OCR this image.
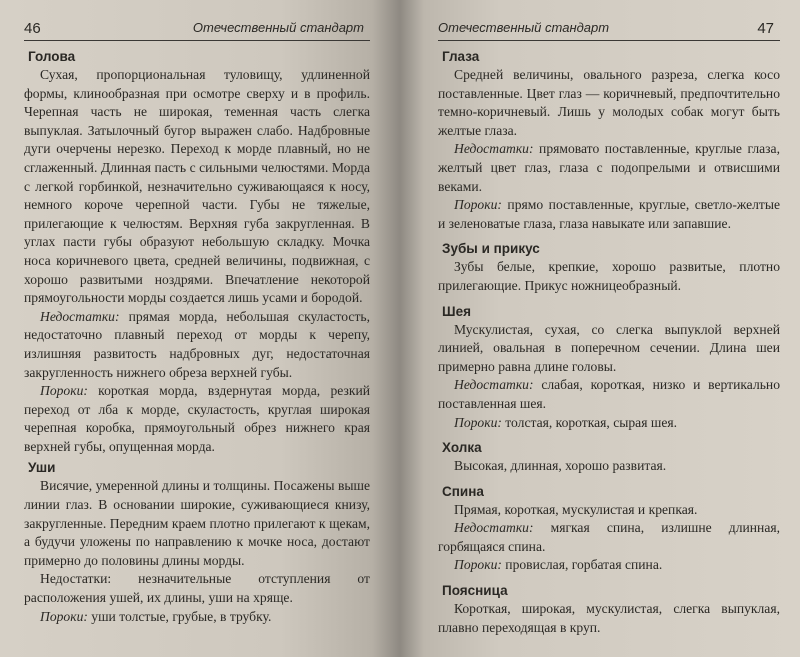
46	Отечественный стандарт
Голова

Сухая, пропорциональная туловищу, удлиненной формы, клинообразная при осмотре сверху и в профиль. Черепная часть не широкая, теменная часть слегка выпуклая. Затылочный бугор выражен слабо. Надбровные дуги очерчены нерезко. Переход к морде плавный, но не сглаженный. Длинная пасть с сильными челюстями. Морда с легкой горбинкой, незначительно суживающаяся к носу, немного короче черепной части. Губы не тяжелые, прилегающие к челюстям. Верхняя губа закругленная. В углах пасти губы образуют небольшую складку. Мочка носа коричневого цвета, средней величины, подвижная, с хорошо развитыми ноздрями. Впечатление некоторой прямоугольности морды создается лишь усами и бородой.

Недостатки: прямая морда, небольшая скуластость, недостаточно плавный переход от морды к черепу, излишняя развитость надбровных дуг, недостаточная закругленность нижнего обреза верхней губы.

Пороки: короткая морда, вздернутая морда, резкий переход от лба к морде, скуластость, круглая широкая черепная коробка, прямоугольный обрез нижнего края верхней губы, опущенная морда.

Уши

Висячие, умеренной длины и толщины. Посажены выше линии глаз. В основании широкие, суживающиеся книзу, закругленные. Передним краем плотно прилегают к щекам, а будучи уложены по направлению к мочке носа, достают примерно до половины длины морды.

Недостатки: незначительные отступления от расположения ушей, их длины, уши на хряще.

Пороки: уши толстые, грубые, в трубку.

Отечественный стандарт	47
Глаза

Средней величины, овального разреза, слегка косо поставленные. Цвет глаз — коричневый, предпочтительно темно-коричневый. Лишь у молодых собак могут быть желтые глаза.

Недостатки: прямовато поставленные, круглые глаза, желтый цвет глаз, глаза с подопрелыми и отвисшими веками.

Пороки: прямо поставленные, круглые, светло-желтые и зеленоватые глаза, глаза навыкате или запавшие.

Зубы и прикус

Зубы белые, крепкие, хорошо развитые, плотно прилегающие. Прикус ножницеобразный.

Шея

Мускулистая, сухая, со слегка выпуклой верхней линией, овальная в поперечном сечении. Длина шеи примерно равна длине головы.

Недостатки: слабая, короткая, низко и вертикально поставленная шея.

Пороки: толстая, короткая, сырая шея.

Холка

Высокая, длинная, хорошо развитая.

Спина

Прямая, короткая, мускулистая и крепкая.

Недостатки: мягкая спина, излишне длинная, горбящаяся спина.

Пороки: провислая, горбатая спина.

Поясница

Короткая, широкая, мускулистая, слегка выпуклая, плавно переходящая в круп.
